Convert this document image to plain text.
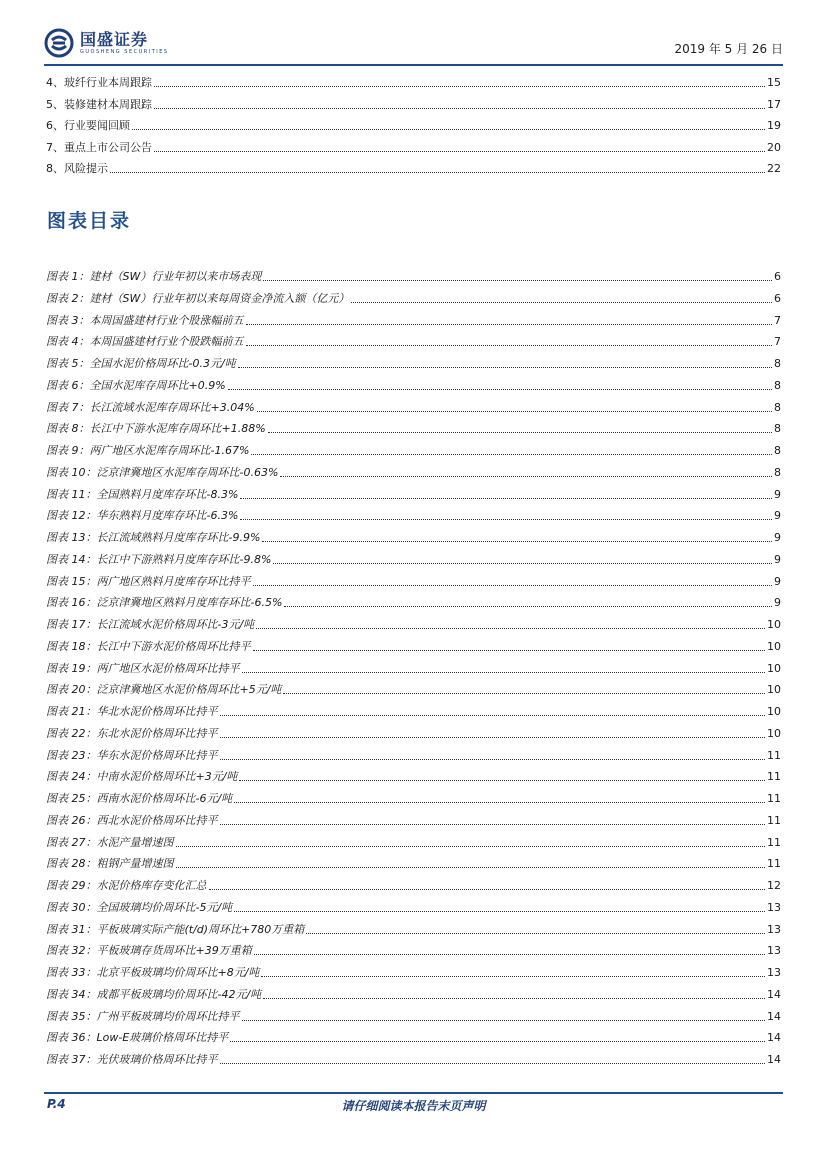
国盛证券
GUOSHENG SECURITIES	2019 年 5 月 26 日
图表目录
P.4	请仔细阅读本报告末页声明
4、玻纤行业本周跟踪	15
5、装修建材本周跟踪	17
6、行业要闻回顾	19
7、重点上市公司公告	20
8、风险提示	22
图表 1：建材（SW）行业年初以来市场表现	6
图表 2：建材（SW）行业年初以来每周资金净流入额（亿元）	6
图表 3：本周国盛建材行业个股涨幅前五	7
图表 4：本周国盛建材行业个股跌幅前五	7
图表 5：全国水泥价格周环比-0.3元/吨	8
图表 6：全国水泥库存周环比+0.9%	8
图表 7：长江流域水泥库存周环比+3.04%	8
图表 8：长江中下游水泥库存周环比+1.88%	8
图表 9：两广地区水泥库存周环比-1.67%	8
图表 10：泛京津冀地区水泥库存周环比-0.63%	8
图表 11：全国熟料月度库存环比-8.3%	9
图表 12：华东熟料月度库存环比-6.3%	9
图表 13：长江流域熟料月度库存环比-9.9%	9
图表 14：长江中下游熟料月度库存环比-9.8%	9
图表 15：两广地区熟料月度库存环比持平	9
图表 16：泛京津冀地区熟料月度库存环比-6.5%	9
图表 17：长江流域水泥价格周环比-3元/吨	10
图表 18：长江中下游水泥价格周环比持平	10
图表 19：两广地区水泥价格周环比持平	10
图表 20：泛京津冀地区水泥价格周环比+5元/吨	10
图表 21：华北水泥价格周环比持平	10
图表 22：东北水泥价格周环比持平	10
图表 23：华东水泥价格周环比持平	11
图表 24：中南水泥价格周环比+3元/吨	11
图表 25：西南水泥价格周环比-6元/吨	11
图表 26：西北水泥价格周环比持平	11
图表 27：水泥产量增速图	11
图表 28：粗钢产量增速图	11
图表 29：水泥价格库存变化汇总	12
图表 30：全国玻璃均价周环比-5元/吨	13
图表 31：平板玻璃实际产能(t/d)周环比+780万重箱	13
图表 32：平板玻璃存货周环比+39万重箱	13
图表 33：北京平板玻璃均价周环比+8元/吨	13
图表 34：成都平板玻璃均价周环比-42元/吨	14
图表 35：广州平板玻璃均价周环比持平	14
图表 36：Low-E玻璃价格周环比持平	14
图表 37：光伏玻璃价格周环比持平	14
